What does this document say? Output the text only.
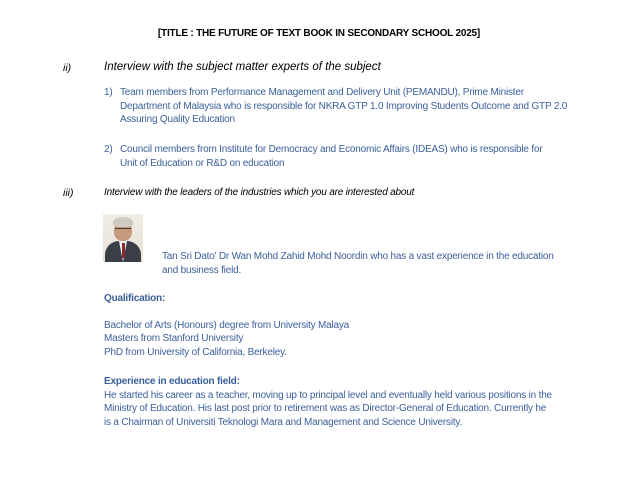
[TITLE : THE FUTURE OF TEXT BOOK IN SECONDARY SCHOOL 2025]
ii)	Interview with the subject matter experts of the subject
1) Team members from Performance Management and Delivery Unit (PEMANDU), Prime Minister
Department of Malaysia who is responsible for NKRA GTP 1.0 Improving Students Outcome and GTP 2.0
Assuring Quality Education
2) Council members from Institute for Democracy and Economic Affairs (IDEAS) who is responsible for
Unit of Education or R&D on education
iii)	Interview with the leaders of the industries which you are interested about
Tan Sri Dato' Dr Wan Mohd Zahid Mohd Noordin who has a vast experience in the education
and business field.
Qualification:
Bachelor of Arts (Honours) degree from University Malaya
Masters from Stanford University
PhD from University of California, Berkeley.
Experience in education field:
He started his career as a teacher, moving up to principal level and eventually held various positions in the
Ministry of Education. His last post prior to retirement was as Director-General of Education. Currently he
is a Chairman of Universiti Teknologi Mara and Management and Science University.
